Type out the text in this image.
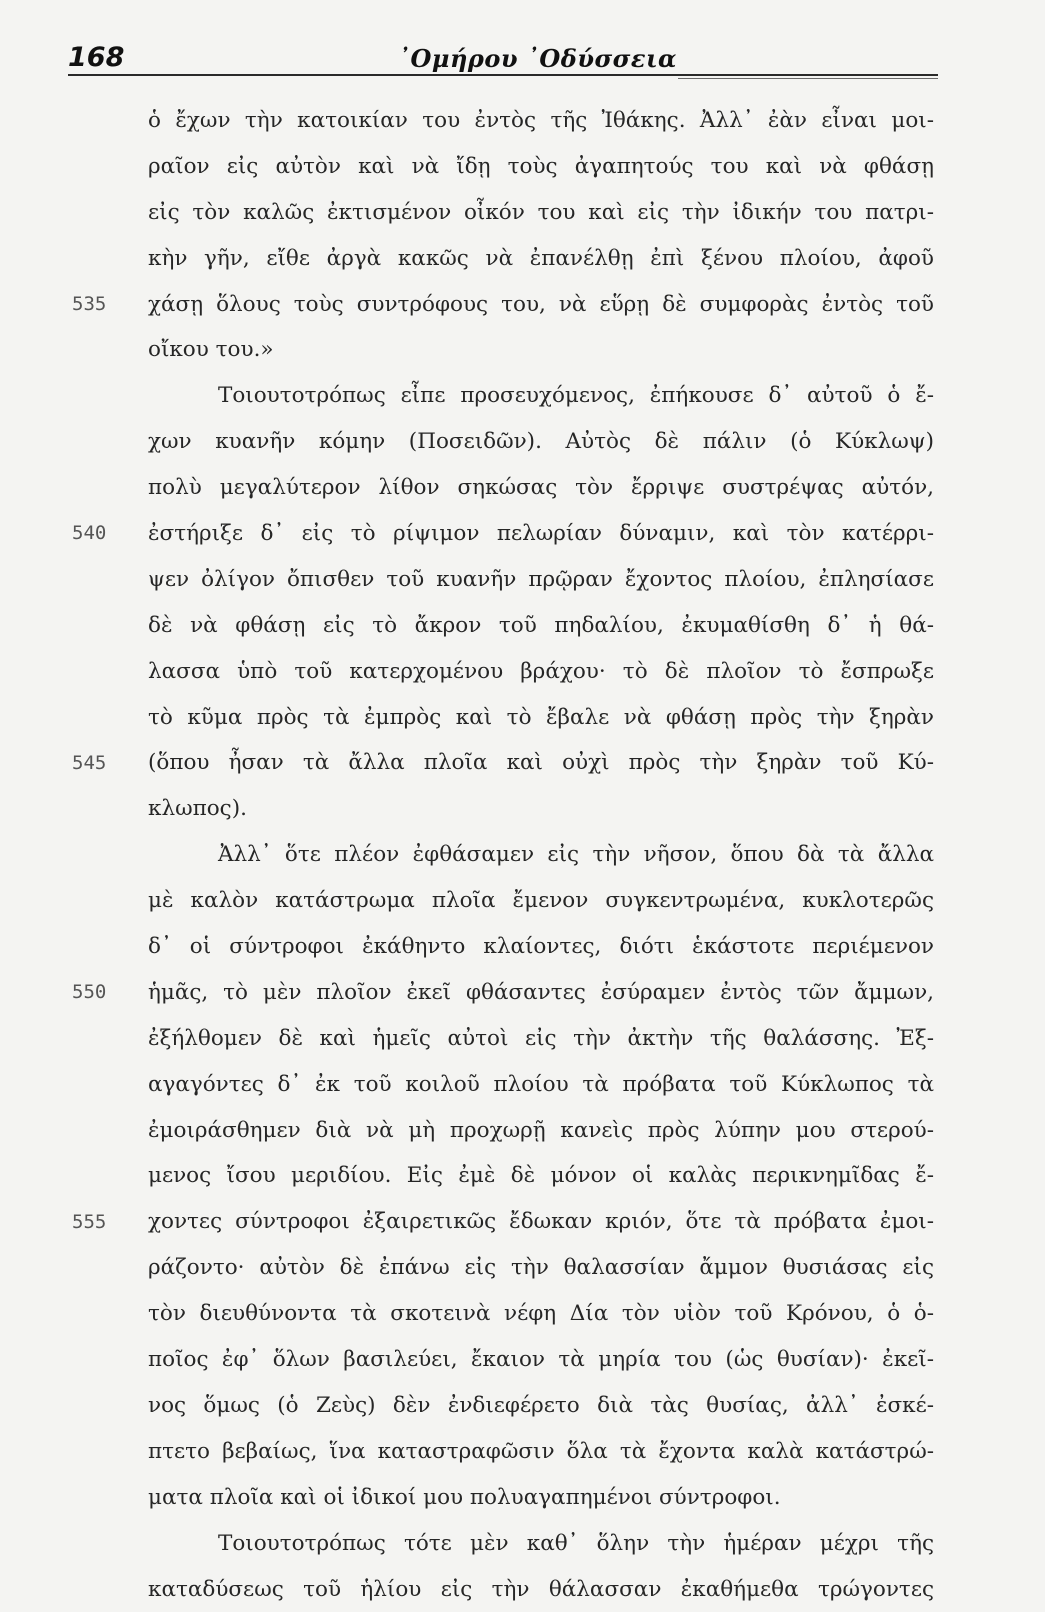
168	᾿Ομήρου ᾿Οδύσσεια
535
540
545
550
555
ὁ ἔχων τὴν κατοικίαν του ἐντὸς τῆς Ἰθάκης. Ἀλλ᾽ ἐὰν εἶναι μοι-
ραῖον εἰς αὐτὸν καὶ νὰ ἴδῃ τοὺς ἀγαπητούς του καὶ νὰ φθάσῃ
εἰς τὸν καλῶς ἐκτισμένον οἶκόν του καὶ εἰς τὴν ἰδικήν του πατρι-
κὴν γῆν, εἴθε ἀργὰ κακῶς νὰ ἐπανέλθῃ ἐπὶ ξένου πλοίου, ἀφοῦ
χάσῃ ὅλους τοὺς συντρόφους του, νὰ εὕρῃ δὲ συμφορὰς ἐντὸς τοῦ
οἴκου του.»
Τοιουτοτρόπως εἶπε προσευχόμενος, ἐπήκουσε δ᾽ αὐτοῦ ὁ ἔ-
χων κυανῆν κόμην (Ποσειδῶν). Αὐτὸς δὲ πάλιν (ὁ Κύκλωψ)
πολὺ μεγαλύτερον λίθον σηκώσας τὸν ἔρριψε συστρέψας αὐτόν,
ἐστήριξε δ᾽ εἰς τὸ ρίψιμον πελωρίαν δύναμιν, καὶ τὸν κατέρρι-
ψεν ὀλίγον ὄπισθεν τοῦ κυανῆν πρῷραν ἔχοντος πλοίου, ἐπλησίασε
δὲ νὰ φθάσῃ εἰς τὸ ἄκρον τοῦ πηδαλίου, ἐκυμαθίσθη δ᾽ ἡ θά-
λασσα ὑπὸ τοῦ κατερχομένου βράχου· τὸ δὲ πλοῖον τὸ ἔσπρωξε
τὸ κῦμα πρὸς τὰ ἐμπρὸς καὶ τὸ ἔβαλε νὰ φθάσῃ πρὸς τὴν ξηρὰν
(ὅπου ἦσαν τὰ ἄλλα πλοῖα καὶ οὐχὶ πρὸς τὴν ξηρὰν τοῦ Κύ-
κλωπος).
Ἀλλ᾽ ὅτε πλέον ἐφθάσαμεν εἰς τὴν νῆσον, ὅπου δὰ τὰ ἄλλα
μὲ καλὸν κατάστρωμα πλοῖα ἔμενον συγκεντρωμένα, κυκλοτερῶς
δ᾽ οἱ σύντροφοι ἐκάθηντο κλαίοντες, διότι ἑκάστοτε περιέμενον
ἡμᾶς, τὸ μὲν πλοῖον ἐκεῖ φθάσαντες ἐσύραμεν ἐντὸς τῶν ἄμμων,
ἐξήλθομεν δὲ καὶ ἡμεῖς αὐτοὶ εἰς τὴν ἀκτὴν τῆς θαλάσσης. Ἐξ-
αγαγόντες δ᾽ ἐκ τοῦ κοιλοῦ πλοίου τὰ πρόβατα τοῦ Κύκλωπος τὰ
ἐμοιράσθημεν διὰ νὰ μὴ προχωρῇ κανεὶς πρὸς λύπην μου στερού-
μενος ἴσου μεριδίου. Εἰς ἐμὲ δὲ μόνον οἱ καλὰς περικνημῖδας ἔ-
χοντες σύντροφοι ἐξαιρετικῶς ἔδωκαν κριόν, ὅτε τὰ πρόβατα ἐμοι-
ράζοντο· αὐτὸν δὲ ἐπάνω εἰς τὴν θαλασσίαν ἄμμον θυσιάσας εἰς
τὸν διευθύνοντα τὰ σκοτεινὰ νέφη Δία τὸν υἱὸν τοῦ Κρόνου, ὁ ὁ-
ποῖος ἐφ᾽ ὅλων βασιλεύει, ἔκαιον τὰ μηρία του (ὡς θυσίαν)· ἐκεῖ-
νος ὅμως (ὁ Ζεὺς) δὲν ἐνδιεφέρετο διὰ τὰς θυσίας, ἀλλ᾽ ἐσκέ-
πτετο βεβαίως, ἵνα καταστραφῶσιν ὅλα τὰ ἔχοντα καλὰ κατάστρώ-
ματα πλοῖα καὶ οἱ ἰδικοί μου πολυαγαπημένοι σύντροφοι.
Τοιουτοτρόπως τότε μὲν καθ᾽ ὅλην τὴν ἡμέραν μέχρι τῆς
καταδύσεως τοῦ ἡλίου εἰς τὴν θάλασσαν ἐκαθήμεθα τρώγοντες
